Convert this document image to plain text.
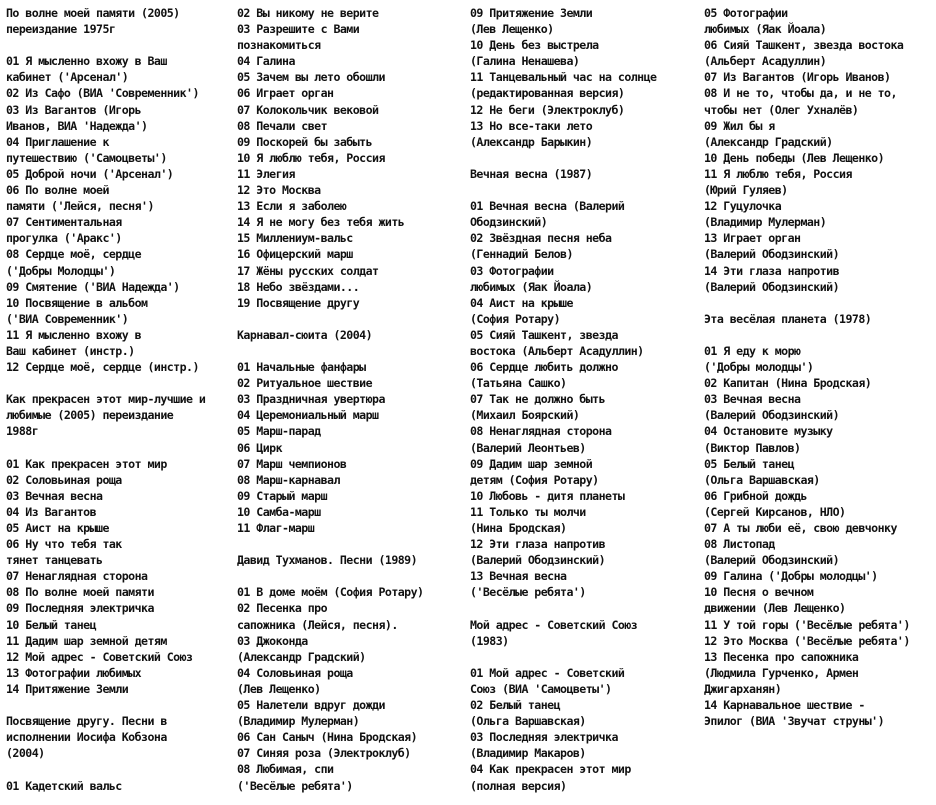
По волне моей памяти (2005)
переиздание 1975г

01 Я мысленно вхожу в Ваш
кабинет ('Арсенал')
02 Из Сафо (ВИА 'Современник')
03 Из Вагантов (Игорь
Иванов, ВИА 'Надежда')
04 Приглашение к
путешествию ('Самоцветы')
05 Доброй ночи ('Арсенал')
06 По волне моей
памяти ('Лейся, песня')
07 Сентиментальная
прогулка ('Аракс')
08 Сердце моё, сердце
('Добры Молодцы')
09 Смятение ('ВИА Надежда')
10 Посвящение в альбом
('ВИА Современник')
11 Я мысленно вхожу в
Ваш кабинет (инстр.)
12 Сердце моё, сердце (инстр.)

Как прекрасен этот мир-лучшие и
любимые (2005) переиздание
1988г

01 Как прекрасен этот мир
02 Соловьиная роща
03 Вечная весна
04 Из Вагантов
05 Аист на крыше
06 Ну что тебя так
тянет танцевать
07 Ненаглядная сторона
08 По волне моей памяти
09 Последняя электричка
10 Белый танец
11 Дадим шар земной детям
12 Мой адрес - Советский Союз
13 Фотографии любимых
14 Притяжение Земли

Посвящение другу. Песни в
исполнении Иосифа Кобзона
(2004)

01 Кадетский вальс
02 Вы никому не верите
03 Разрешите с Вами
познакомиться
04 Галина
05 Зачем вы лето обошли
06 Играет орган
07 Колокольчик вековой
08 Печали свет
09 Поскорей бы забыть
10 Я люблю тебя, Россия
11 Элегия
12 Это Москва
13 Если я заболею
14 Я не могу без тебя жить
15 Миллениум-вальс
16 Офицерский марш
17 Жёны русских солдат
18 Небо звёздами...
19 Посвящение другу

Карнавал-сюита (2004)

01 Начальные фанфары
02 Ритуальное шествие
03 Праздничная увертюра
04 Церемониальный марш
05 Марш-парад
06 Цирк
07 Марш чемпионов
08 Марш-карнавал
09 Старый марш
10 Самба-марш
11 Флаг-марш

Давид Тухманов. Песни (1989)

01 В доме моём (София Ротару)
02 Песенка про
сапожника (Лейся, песня).
03 Джоконда
(Александр Градский)
04 Соловьиная роща
(Лев Лещенко)
05 Налетели вдруг дожди
(Владимир Мулерман)
06 Сан Саныч (Нина Бродская)
07 Синяя роза (Электроклуб)
08 Любимая, спи
('Весёлые ребята')
09 Притяжение Земли
(Лев Лещенко)
10 День без выстрела
(Галина Ненашева)
11 Танцевальный час на солнце
(редактированная версия)
12 Не беги (Электроклуб)
13 Но все-таки лето
(Александр Барыкин)

Вечная весна (1987)

01 Вечная весна (Валерий
Ободзинский)
02 Звёздная песня неба
(Геннадий Белов)
03 Фотографии
любимых (Яак Йоала)
04 Аист на крыше
(София Ротару)
05 Сияй Ташкент, звезда
востока (Альберт Асадуллин)
06 Сердце любить должно
(Татьяна Сашко)
07 Так не должно быть
(Михаил Боярский)
08 Ненаглядная сторона
(Валерий Леонтьев)
09 Дадим шар земной
детям (София Ротару)
10 Любовь - дитя планеты
11 Только ты молчи
(Нина Бродская)
12 Эти глаза напротив
(Валерий Ободзинский)
13 Вечная весна
('Весёлые ребята')

Мой адрес - Советский Союз
(1983)

01 Мой адрес - Советский
Союз (ВИА 'Самоцветы')
02 Белый танец
(Ольга Варшавская)
03 Последняя электричка
(Владимир Макаров)
04 Как прекрасен этот мир
(полная версия)
05 Фотографии
любимых (Яак Йоала)
06 Сияй Ташкент, звезда востока
(Альберт Асадуллин)
07 Из Вагантов (Игорь Иванов)
08 И не то, чтобы да, и не то,
чтобы нет (Олег Ухналёв)
09 Жил бы я
(Александр Градский)
10 День победы (Лев Лещенко)
11 Я люблю тебя, Россия
(Юрий Гуляев)
12 Гуцулочка
(Владимир Мулерман)
13 Играет орган
(Валерий Ободзинский)
14 Эти глаза напротив
(Валерий Ободзинский)

Эта весёлая планета (1978)

01 Я еду к морю
('Добры молодцы')
02 Капитан (Нина Бродская)
03 Вечная весна
(Валерий Ободзинский)
04 Остановите музыку
(Виктор Павлов)
05 Белый танец
(Ольга Варшавская)
06 Грибной дождь
(Сергей Кирсанов, НЛО)
07 А ты люби её, свою девчонку
08 Листопад
(Валерий Ободзинский)
09 Галина ('Добры молодцы')
10 Песня о вечном
движении (Лев Лещенко)
11 У той горы ('Весёлые ребята')
12 Это Москва ('Весёлые ребята')
13 Песенка про сапожника
(Людмила Гурченко, Армен
Джигарханян)
14 Карнавальное шествие -
Эпилог (ВИА 'Звучат струны')
